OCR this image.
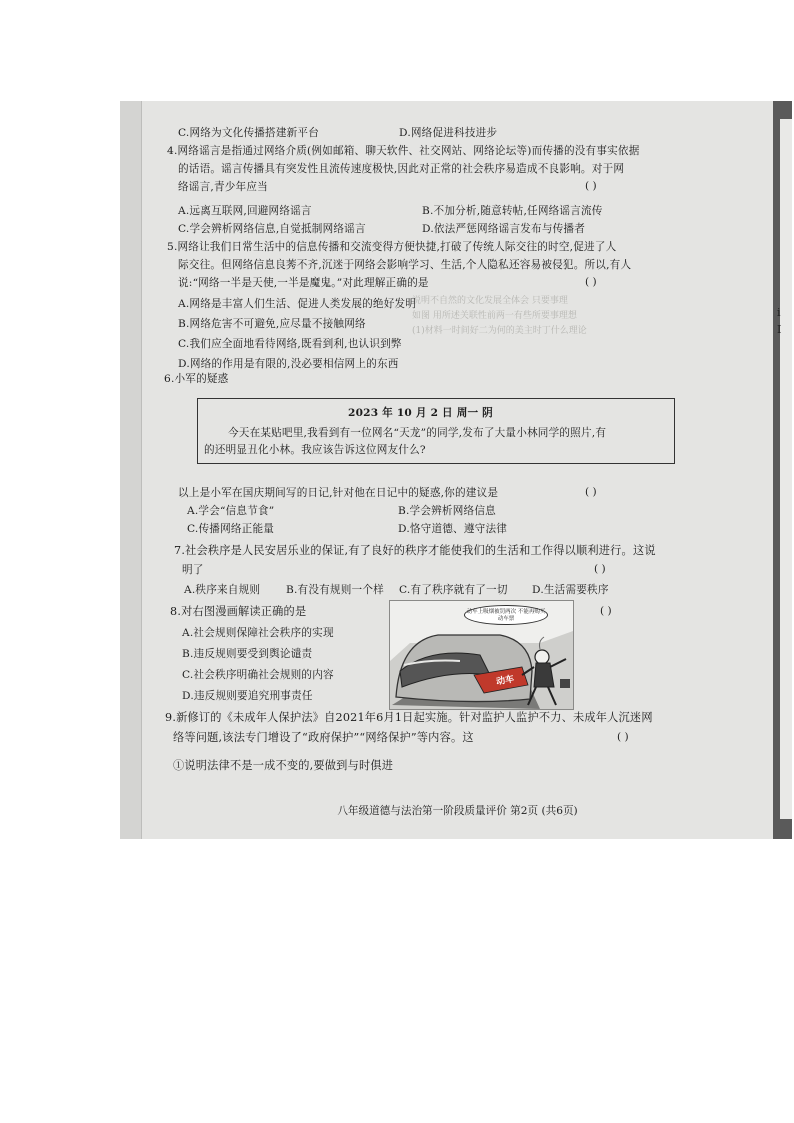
i
I
说明不自然的文化发展全体会 只要事理
如图 用所述关联性前两一有些所要事理想
(1)材料一时间好二为何的美主时丁什么理论
C.网络为文化传播搭建新平台	D.网络促进科技进步
4.网络谣言是指通过网络介质(例如邮箱、聊天软件、社交网站、网络论坛等)而传播的没有事实依据
的话语。谣言传播具有突发性且流传速度极快,因此对正常的社会秩序易造成不良影响。对于网
络谣言,青少年应当	( )
A.远离互联网,回避网络谣言	B.不加分析,随意转帖,任网络谣言流传
C.学会辨析网络信息,自觉抵制网络谣言	D.依法严惩网络谣言发布与传播者
5.网络让我们日常生活中的信息传播和交流变得方便快捷,打破了传统人际交往的时空,促进了人
际交往。但网络信息良莠不齐,沉迷于网络会影响学习、生活,个人隐私还容易被侵犯。所以,有人
说:“网络一半是天使,一半是魔鬼。”对此理解正确的是	( )
A.网络是丰富人们生活、促进人类发展的绝好发明
B.网络危害不可避免,应尽量不接触网络
C.我们应全面地看待网络,既看到利,也认识到弊
D.网络的作用是有限的,没必要相信网上的东西
6.小军的疑惑
2023 年 10 月 2 日 周一 阴
今天在某贴吧里,我看到有一位网名“天龙”的同学,发布了大量小林同学的照片,有
的还明显丑化小林。我应该告诉这位网友什么?
以上是小军在国庆期间写的日记,针对他在日记中的疑惑,你的建议是	( )
A.学会“信息节食”	B.学会辨析网络信息
C.传播网络正能量	D.恪守道德、遵守法律
7.社会秩序是人民安居乐业的保证,有了良好的秩序才能使我们的生活和工作得以顺利进行。这说
明了	( )
A.秩序来自规则 B.有没有规则一个样 C.有了秩序就有了一切 D.生活需要秩序
8.对右图漫画解读正确的是	( )
A.社会规则保障社会秩序的实现
B.违反规则要受到舆论谴责
C.社会秩序明确社会规则的内容
D.违反规则要追究刑事责任
动车上吸烟被罚两次 不能再购买动车票
动车
9.新修订的《未成年人保护法》自2021年6月1日起实施。针对监护人监护不力、未成年人沉迷网
络等问题,该法专门增设了“政府保护”“网络保护”等内容。这	( )
①说明法律不是一成不变的,要做到与时俱进
八年级道德与法治第一阶段质量评价 第2页 (共6页)
